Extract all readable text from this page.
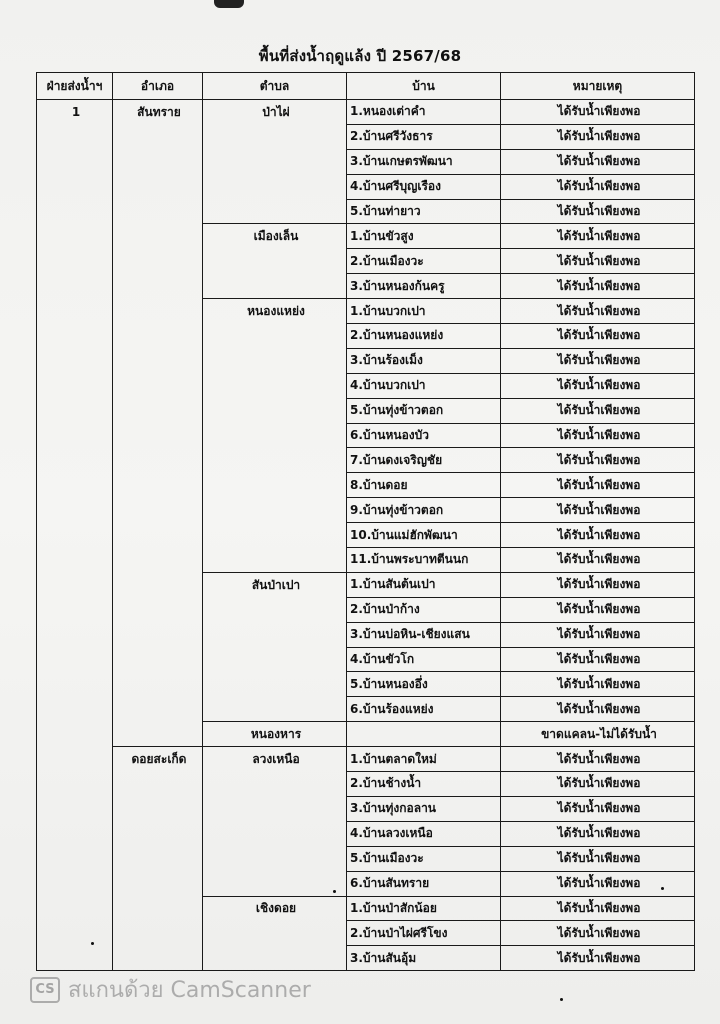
พื้นที่ส่งน้ำฤดูแล้ง ปี 2567/68
ฝ่ายส่งน้ำฯ	อำเภอ	ตำบล	บ้าน	หมายเหตุ
1	สันทราย	ป่าไผ่	1.หนองเต่าคำ	ได้รับน้ำเพียงพอ
			2.บ้านศรีวังธาร	ได้รับน้ำเพียงพอ
			3.บ้านเกษตรพัฒนา	ได้รับน้ำเพียงพอ
			4.บ้านศรีบุญเรือง	ได้รับน้ำเพียงพอ
			5.บ้านท่ายาว	ได้รับน้ำเพียงพอ
		เมืองเล็น	1.บ้านขัวสูง	ได้รับน้ำเพียงพอ
			2.บ้านเมืองวะ	ได้รับน้ำเพียงพอ
			3.บ้านหนองก้นครู	ได้รับน้ำเพียงพอ
		หนองแหย่ง	1.บ้านบวกเปา	ได้รับน้ำเพียงพอ
			2.บ้านหนองแหย่ง	ได้รับน้ำเพียงพอ
			3.บ้านร้องเม็ง	ได้รับน้ำเพียงพอ
			4.บ้านบวกเปา	ได้รับน้ำเพียงพอ
			5.บ้านทุ่งข้าวตอก	ได้รับน้ำเพียงพอ
			6.บ้านหนองบัว	ได้รับน้ำเพียงพอ
			7.บ้านดงเจริญชัย	ได้รับน้ำเพียงพอ
			8.บ้านดอย	ได้รับน้ำเพียงพอ
			9.บ้านทุ่งข้าวตอก	ได้รับน้ำเพียงพอ
			10.บ้านแม่ฮักพัฒนา	ได้รับน้ำเพียงพอ
			11.บ้านพระบาทตีนนก	ได้รับน้ำเพียงพอ
		สันป่าเปา	1.บ้านสันต้นเปา	ได้รับน้ำเพียงพอ
			2.บ้านป่าก้าง	ได้รับน้ำเพียงพอ
			3.บ้านบ่อหิน-เชียงแสน	ได้รับน้ำเพียงพอ
			4.บ้านขัวโก	ได้รับน้ำเพียงพอ
			5.บ้านหนองอึ่ง	ได้รับน้ำเพียงพอ
			6.บ้านร้องแหย่ง	ได้รับน้ำเพียงพอ
		หนองหาร		ขาดแคลน-ไม่ได้รับน้ำ
	ดอยสะเก็ด	ลวงเหนือ	1.บ้านตลาดใหม่	ได้รับน้ำเพียงพอ
			2.บ้านช้างน้ำ	ได้รับน้ำเพียงพอ
			3.บ้านทุ่งกอลาน	ได้รับน้ำเพียงพอ
			4.บ้านลวงเหนือ	ได้รับน้ำเพียงพอ
			5.บ้านเมืองวะ	ได้รับน้ำเพียงพอ
			6.บ้านสันทราย	ได้รับน้ำเพียงพอ
		เชิงดอย	1.บ้านป่าสักน้อย	ได้รับน้ำเพียงพอ
			2.บ้านป่าไผ่ศรีโขง	ได้รับน้ำเพียงพอ
			3.บ้านสันอุ้ม	ได้รับน้ำเพียงพอ
CS สแกนด้วย CamScanner
